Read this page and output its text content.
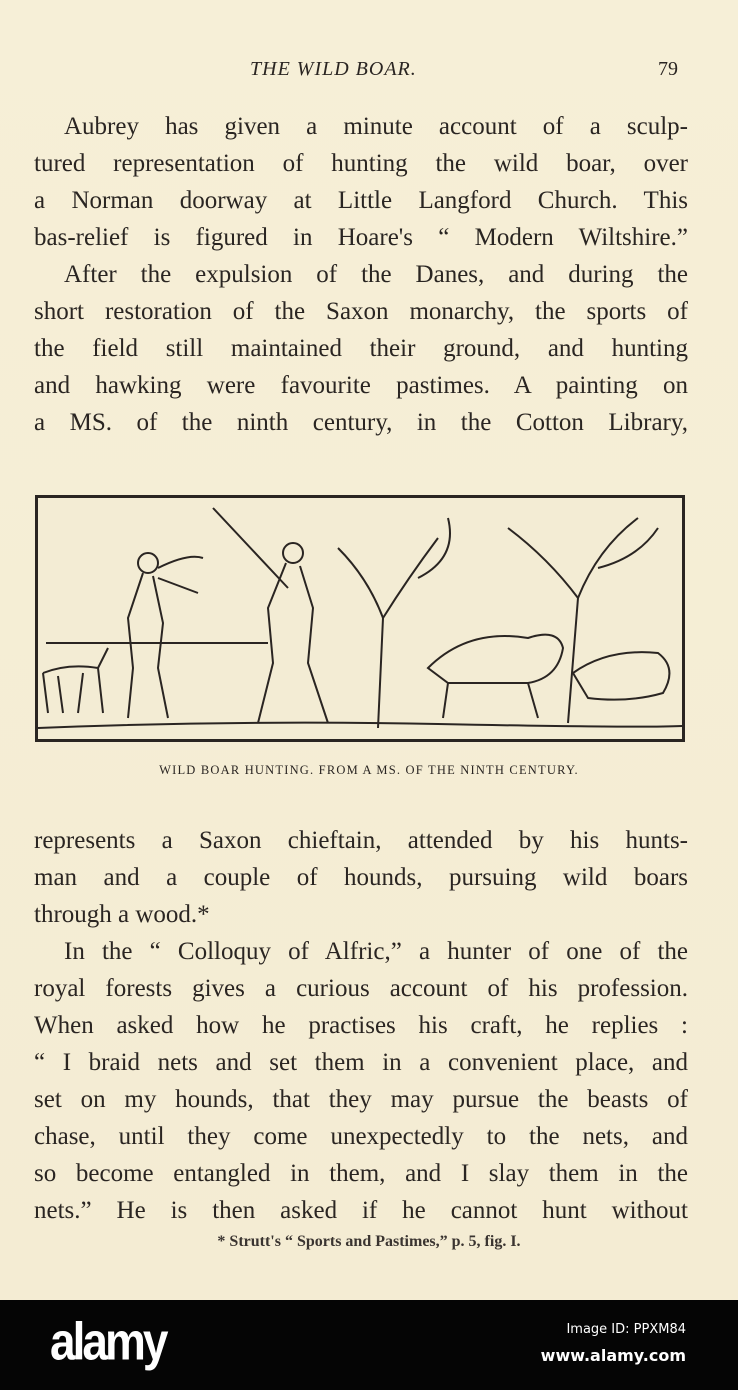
THE WILD BOAR.	79
Aubrey has given a minute account of a sculp-
tured representation of hunting the wild boar, over
a Norman doorway at Little Langford Church. This
bas-relief is figured in Hoare's “ Modern Wiltshire.”
After the expulsion of the Danes, and during the
short restoration of the Saxon monarchy, the sports of
the field still maintained their ground, and hunting
and hawking were favourite pastimes. A painting on
a MS. of the ninth century, in the Cotton Library,
WILD BOAR HUNTING. FROM A MS. OF THE NINTH CENTURY.
represents a Saxon chieftain, attended by his hunts-
man and a couple of hounds, pursuing wild boars
through a wood.*
In the “ Colloquy of Alfric,” a hunter of one of the
royal forests gives a curious account of his profession.
When asked how he practises his craft, he replies :
“ I braid nets and set them in a convenient place, and
set on my hounds, that they may pursue the beasts of
chase, until they come unexpectedly to the nets, and
so become entangled in them, and I slay them in the
nets.” He is then asked if he cannot hunt without
* Strutt's “ Sports and Pastimes,” p. 5, fig. I.
alamy	Image ID: PPXM84
www.alamy.com
